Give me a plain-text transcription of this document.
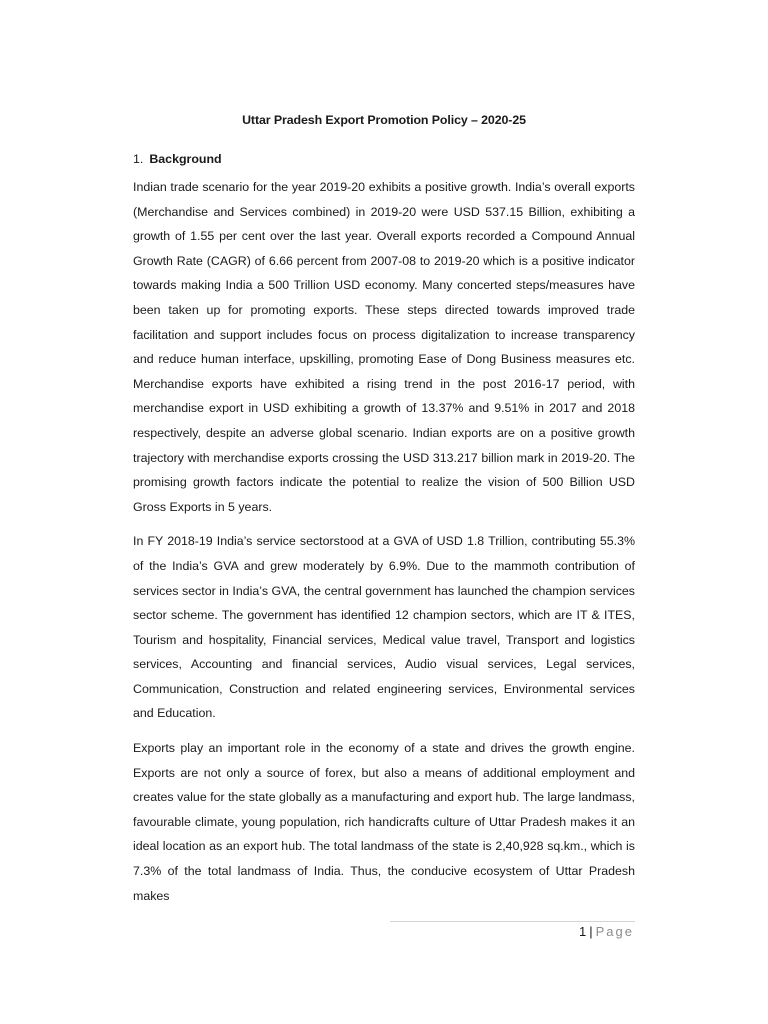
Uttar Pradesh Export Promotion Policy – 2020-25
1. Background

Indian trade scenario for the year 2019-20 exhibits a positive growth. India’s overall exports (Merchandise and Services combined) in 2019-20 were USD 537.15 Billion, exhibiting a growth of 1.55 per cent over the last year. Overall exports recorded a Compound Annual Growth Rate (CAGR) of 6.66 percent from 2007-08 to 2019-20 which is a positive indicator towards making India a 500 Trillion USD economy. Many concerted steps/measures have been taken up for promoting exports. These steps directed towards improved trade facilitation and support includes focus on process digitalization to increase transparency and reduce human interface, upskilling, promoting Ease of Dong Business measures etc. Merchandise exports have exhibited a rising trend in the post 2016-17 period, with merchandise export in USD exhibiting a growth of 13.37% and 9.51% in 2017 and 2018 respectively, despite an adverse global scenario. Indian exports are on a positive growth trajectory with merchandise exports crossing the USD 313.217 billion mark in 2019-20. The promising growth factors indicate the potential to realize the vision of 500 Billion USD Gross Exports in 5 years.

In FY 2018-19 India’s service sectorstood at a GVA of USD 1.8 Trillion, contributing 55.3% of the India’s GVA and grew moderately by 6.9%. Due to the mammoth contribution of services sector in India’s GVA, the central government has launched the champion services sector scheme. The government has identified 12 champion sectors, which are IT & ITES, Tourism and hospitality, Financial services, Medical value travel, Transport and logistics services, Accounting and financial services, Audio visual services, Legal services, Communication, Construction and related engineering services, Environmental services and Education.

Exports play an important role in the economy of a state and drives the growth engine. Exports are not only a source of forex, but also a means of additional employment and creates value for the state globally as a manufacturing and export hub. The large landmass, favourable climate, young population, rich handicrafts culture of Uttar Pradesh makes it an ideal location as an export hub. The total landmass of the state is 2,40,928 sq.km., which is 7.3% of the total landmass of India. Thus, the conducive ecosystem of Uttar Pradesh makes

1 | Page
